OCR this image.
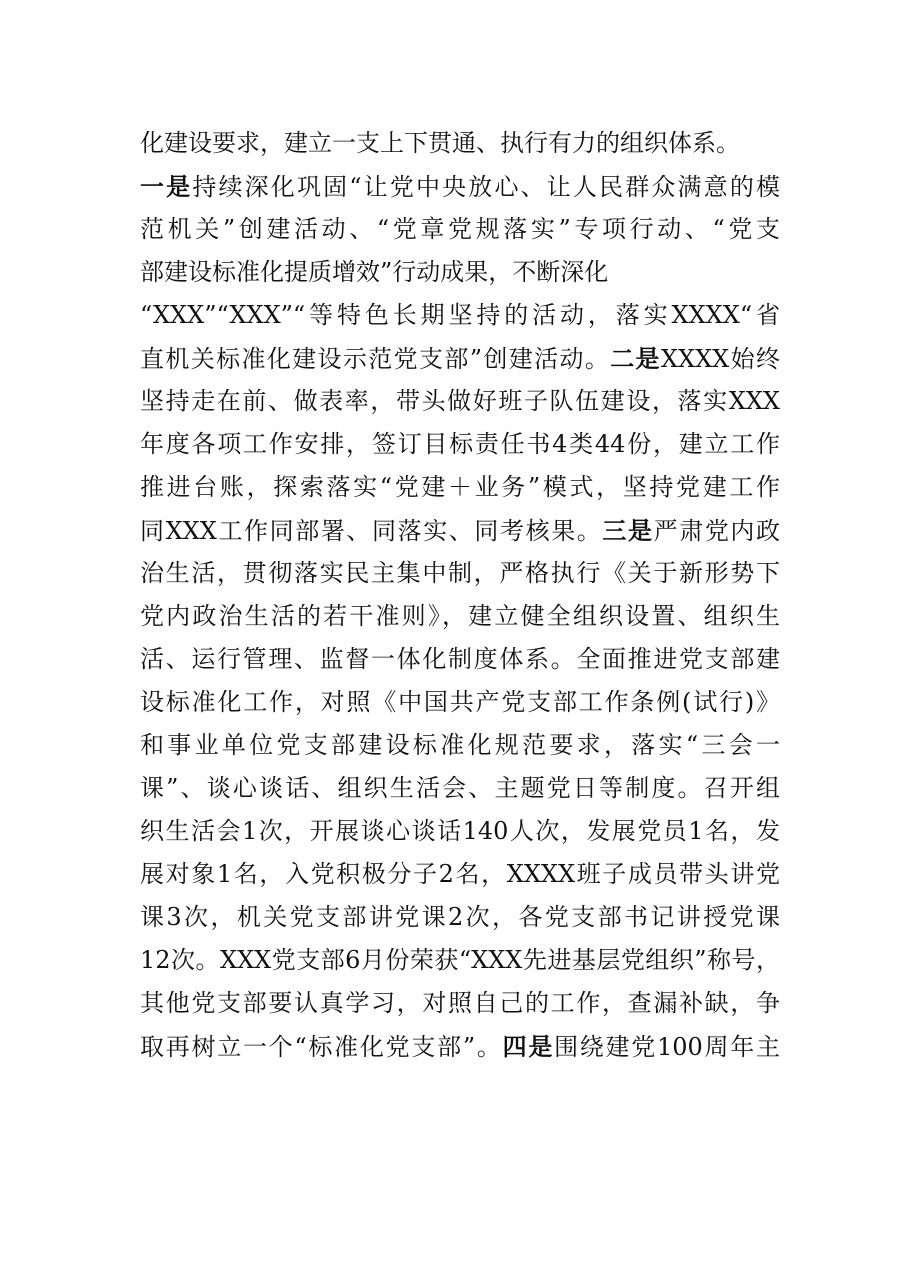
化建设要求，建立一支上下贯通、执行有力的组织体系。
一是持续深化巩固“让党中央放心、让人民群众满意的模
范机关”创建活动、“党章党规落实”专项行动、“党支
部建设标准化提质增效”行动成果，不断深化
“XXX”“XXX”“等特色长期坚持的活动，落实XXXX“省
直机关标准化建设示范党支部”创建活动。二是XXXX始终
坚持走在前、做表率，带头做好班子队伍建设，落实XXX
年度各项工作安排，签订目标责任书4类44份，建立工作
推进台账，探索落实“党建＋业务”模式，坚持党建工作
同XXX工作同部署、同落实、同考核果。三是严肃党内政
治生活，贯彻落实民主集中制，严格执行《关于新形势下
党内政治生活的若干准则》，建立健全组织设置、组织生
活、运行管理、监督一体化制度体系。全面推进党支部建
设标准化工作，对照《中国共产党支部工作条例(试行)》
和事业单位党支部建设标准化规范要求，落实“三会一
课”、谈心谈话、组织生活会、主题党日等制度。召开组
织生活会1次，开展谈心谈话140人次，发展党员1名，发
展对象1名，入党积极分子2名，XXXX班子成员带头讲党
课3次，机关党支部讲党课2次，各党支部书记讲授党课
12次。XXX党支部6月份荣获“XXX先进基层党组织”称号，
其他党支部要认真学习，对照自己的工作，查漏补缺，争
取再树立一个“标准化党支部”。四是围绕建党100周年主
